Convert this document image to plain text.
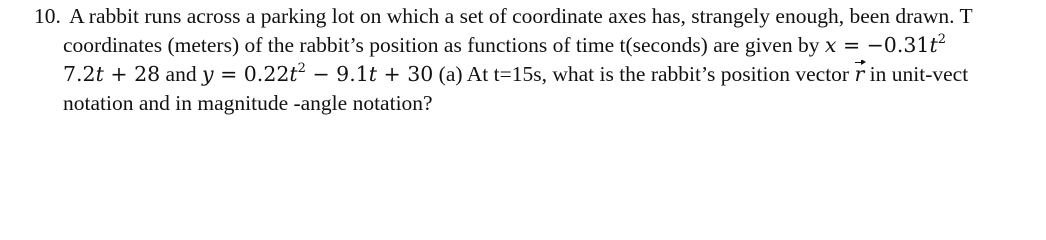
10. A rabbit runs across a parking lot on which a set of coordinate axes has, strangely enough, been drawn. T
coordinates (meters) of the rabbit’s position as functions of time t(seconds) are given by $x = -0.31t^2$
7.2t + 28 and $y = 0.22t^2 - 9.1t + 30$ (a) At t=15s, what is the rabbit’s position vector r in unit-vect
notation and in magnitude -angle notation?
